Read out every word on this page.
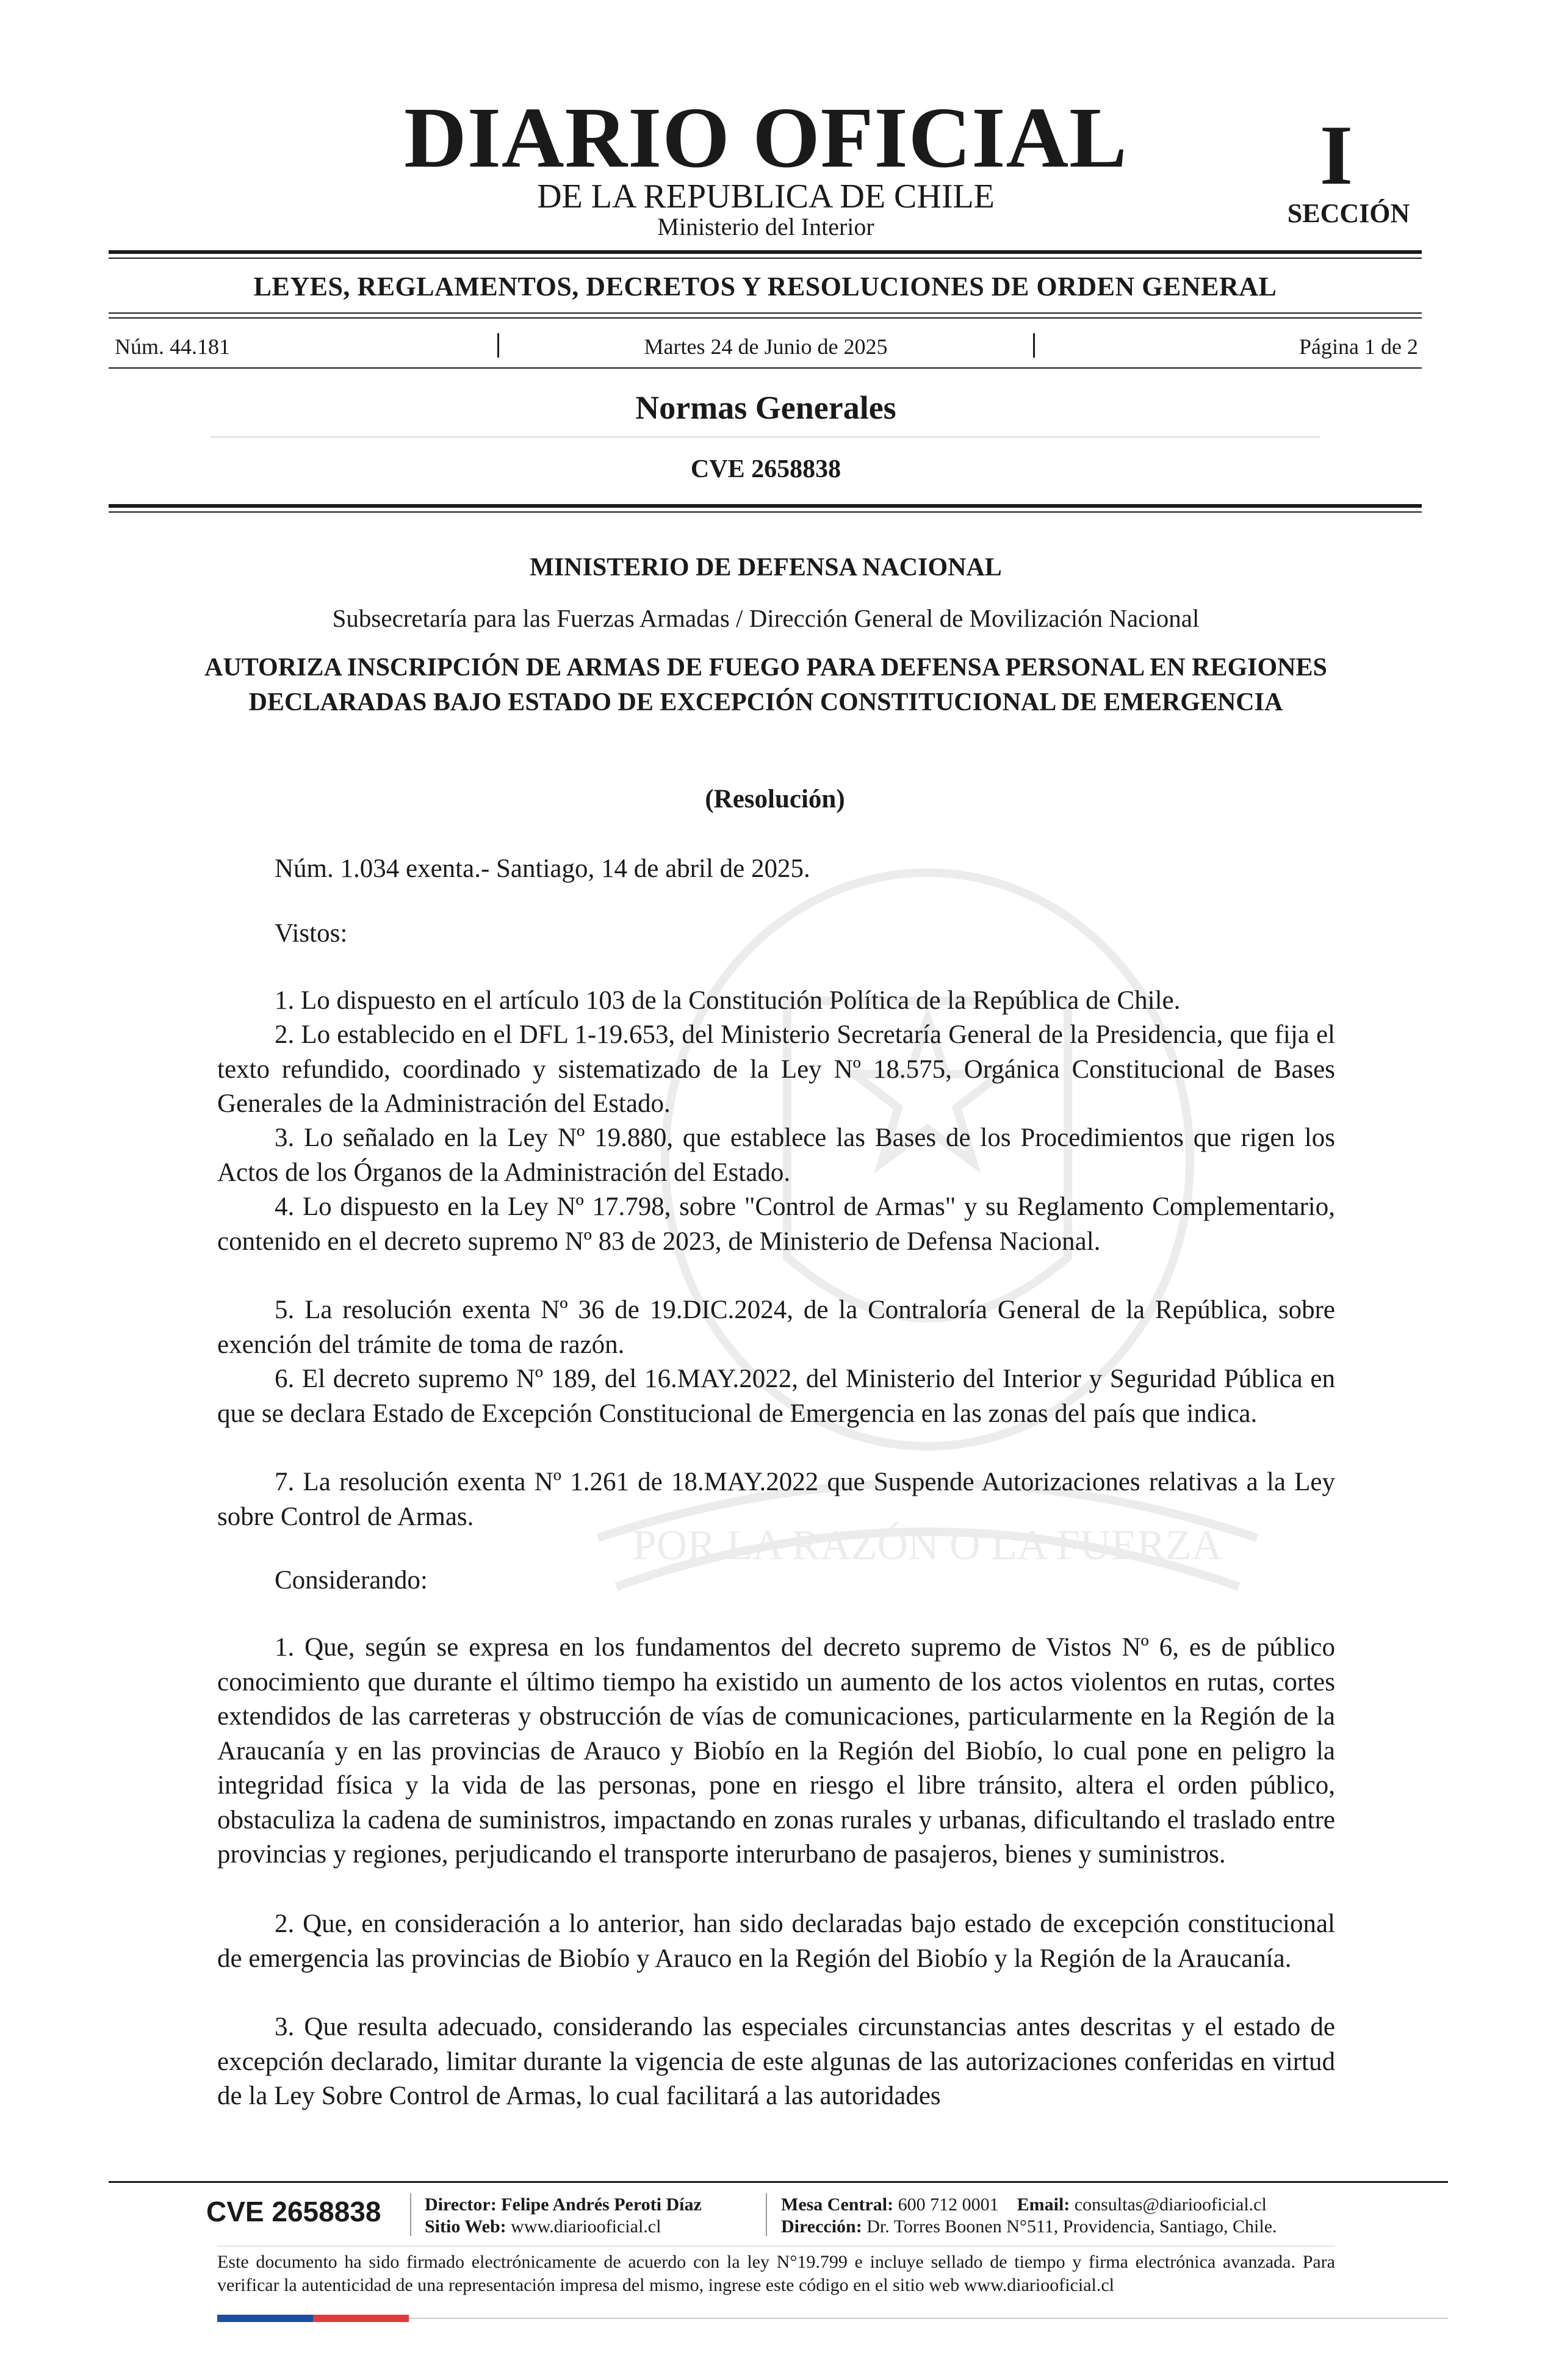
DIARIO OFICIAL
DE LA REPUBLICA DE CHILE
Ministerio del Interior
I
SECCIÓN
LEYES, REGLAMENTOS, DECRETOS Y RESOLUCIONES DE ORDEN GENERAL
Núm. 44.181	Martes 24 de Junio de 2025	Página 1 de 2
Normas Generales
CVE 2658838
POR LA RAZÓN O LA FUERZA
MINISTERIO DE DEFENSA NACIONAL
Subsecretaría para las Fuerzas Armadas / Dirección General de Movilización Nacional
AUTORIZA INSCRIPCIÓN DE ARMAS DE FUEGO PARA DEFENSA PERSONAL EN REGIONES DECLARADAS BAJO ESTADO DE EXCEPCIÓN CONSTITUCIONAL DE EMERGENCIA
(Resolución)
Núm. 1.034 exenta.- Santiago, 14 de abril de 2025.
Vistos:
1. Lo dispuesto en el artículo 103 de la Constitución Política de la República de Chile.
2. Lo establecido en el DFL 1-19.653, del Ministerio Secretaría General de la Presidencia, que fija el texto refundido, coordinado y sistematizado de la Ley Nº 18.575, Orgánica Constitucional de Bases Generales de la Administración del Estado.
3. Lo señalado en la Ley Nº 19.880, que establece las Bases de los Procedimientos que rigen los Actos de los Órganos de la Administración del Estado.
4. Lo dispuesto en la Ley Nº 17.798, sobre "Control de Armas" y su Reglamento Complementario, contenido en el decreto supremo Nº 83 de 2023, de Ministerio de Defensa Nacional.
5. La resolución exenta Nº 36 de 19.DIC.2024, de la Contraloría General de la República, sobre exención del trámite de toma de razón.
6. El decreto supremo Nº 189, del 16.MAY.2022, del Ministerio del Interior y Seguridad Pública en que se declara Estado de Excepción Constitucional de Emergencia en las zonas del país que indica.
7. La resolución exenta Nº 1.261 de 18.MAY.2022 que Suspende Autorizaciones relativas a la Ley sobre Control de Armas.
Considerando:
1. Que, según se expresa en los fundamentos del decreto supremo de Vistos Nº 6, es de público conocimiento que durante el último tiempo ha existido un aumento de los actos violentos en rutas, cortes extendidos de las carreteras y obstrucción de vías de comunicaciones, particularmente en la Región de la Araucanía y en las provincias de Arauco y Biobío en la Región del Biobío, lo cual pone en peligro la integridad física y la vida de las personas, pone en riesgo el libre tránsito, altera el orden público, obstaculiza la cadena de suministros, impactando en zonas rurales y urbanas, dificultando el traslado entre provincias y regiones, perjudicando el transporte interurbano de pasajeros, bienes y suministros.
2. Que, en consideración a lo anterior, han sido declaradas bajo estado de excepción constitucional de emergencia las provincias de Biobío y Arauco en la Región del Biobío y la Región de la Araucanía.
3. Que resulta adecuado, considerando las especiales circunstancias antes descritas y el estado de excepción declarado, limitar durante la vigencia de este algunas de las autorizaciones conferidas en virtud de la Ley Sobre Control de Armas, lo cual facilitará a las autoridades
CVE 2658838 Director: Felipe Andrés Peroti Díaz
Sitio Web: www.diariooficial.cl
Mesa Central: 600 712 0001 Email: consultas@diariooficial.cl
Dirección: Dr. Torres Boonen N°511, Providencia, Santiago, Chile.
Este documento ha sido firmado electrónicamente de acuerdo con la ley N°19.799 e incluye sellado de tiempo y firma electrónica avanzada. Para verificar la autenticidad de una representación impresa del mismo, ingrese este código en el sitio web www.diariooficial.cl
